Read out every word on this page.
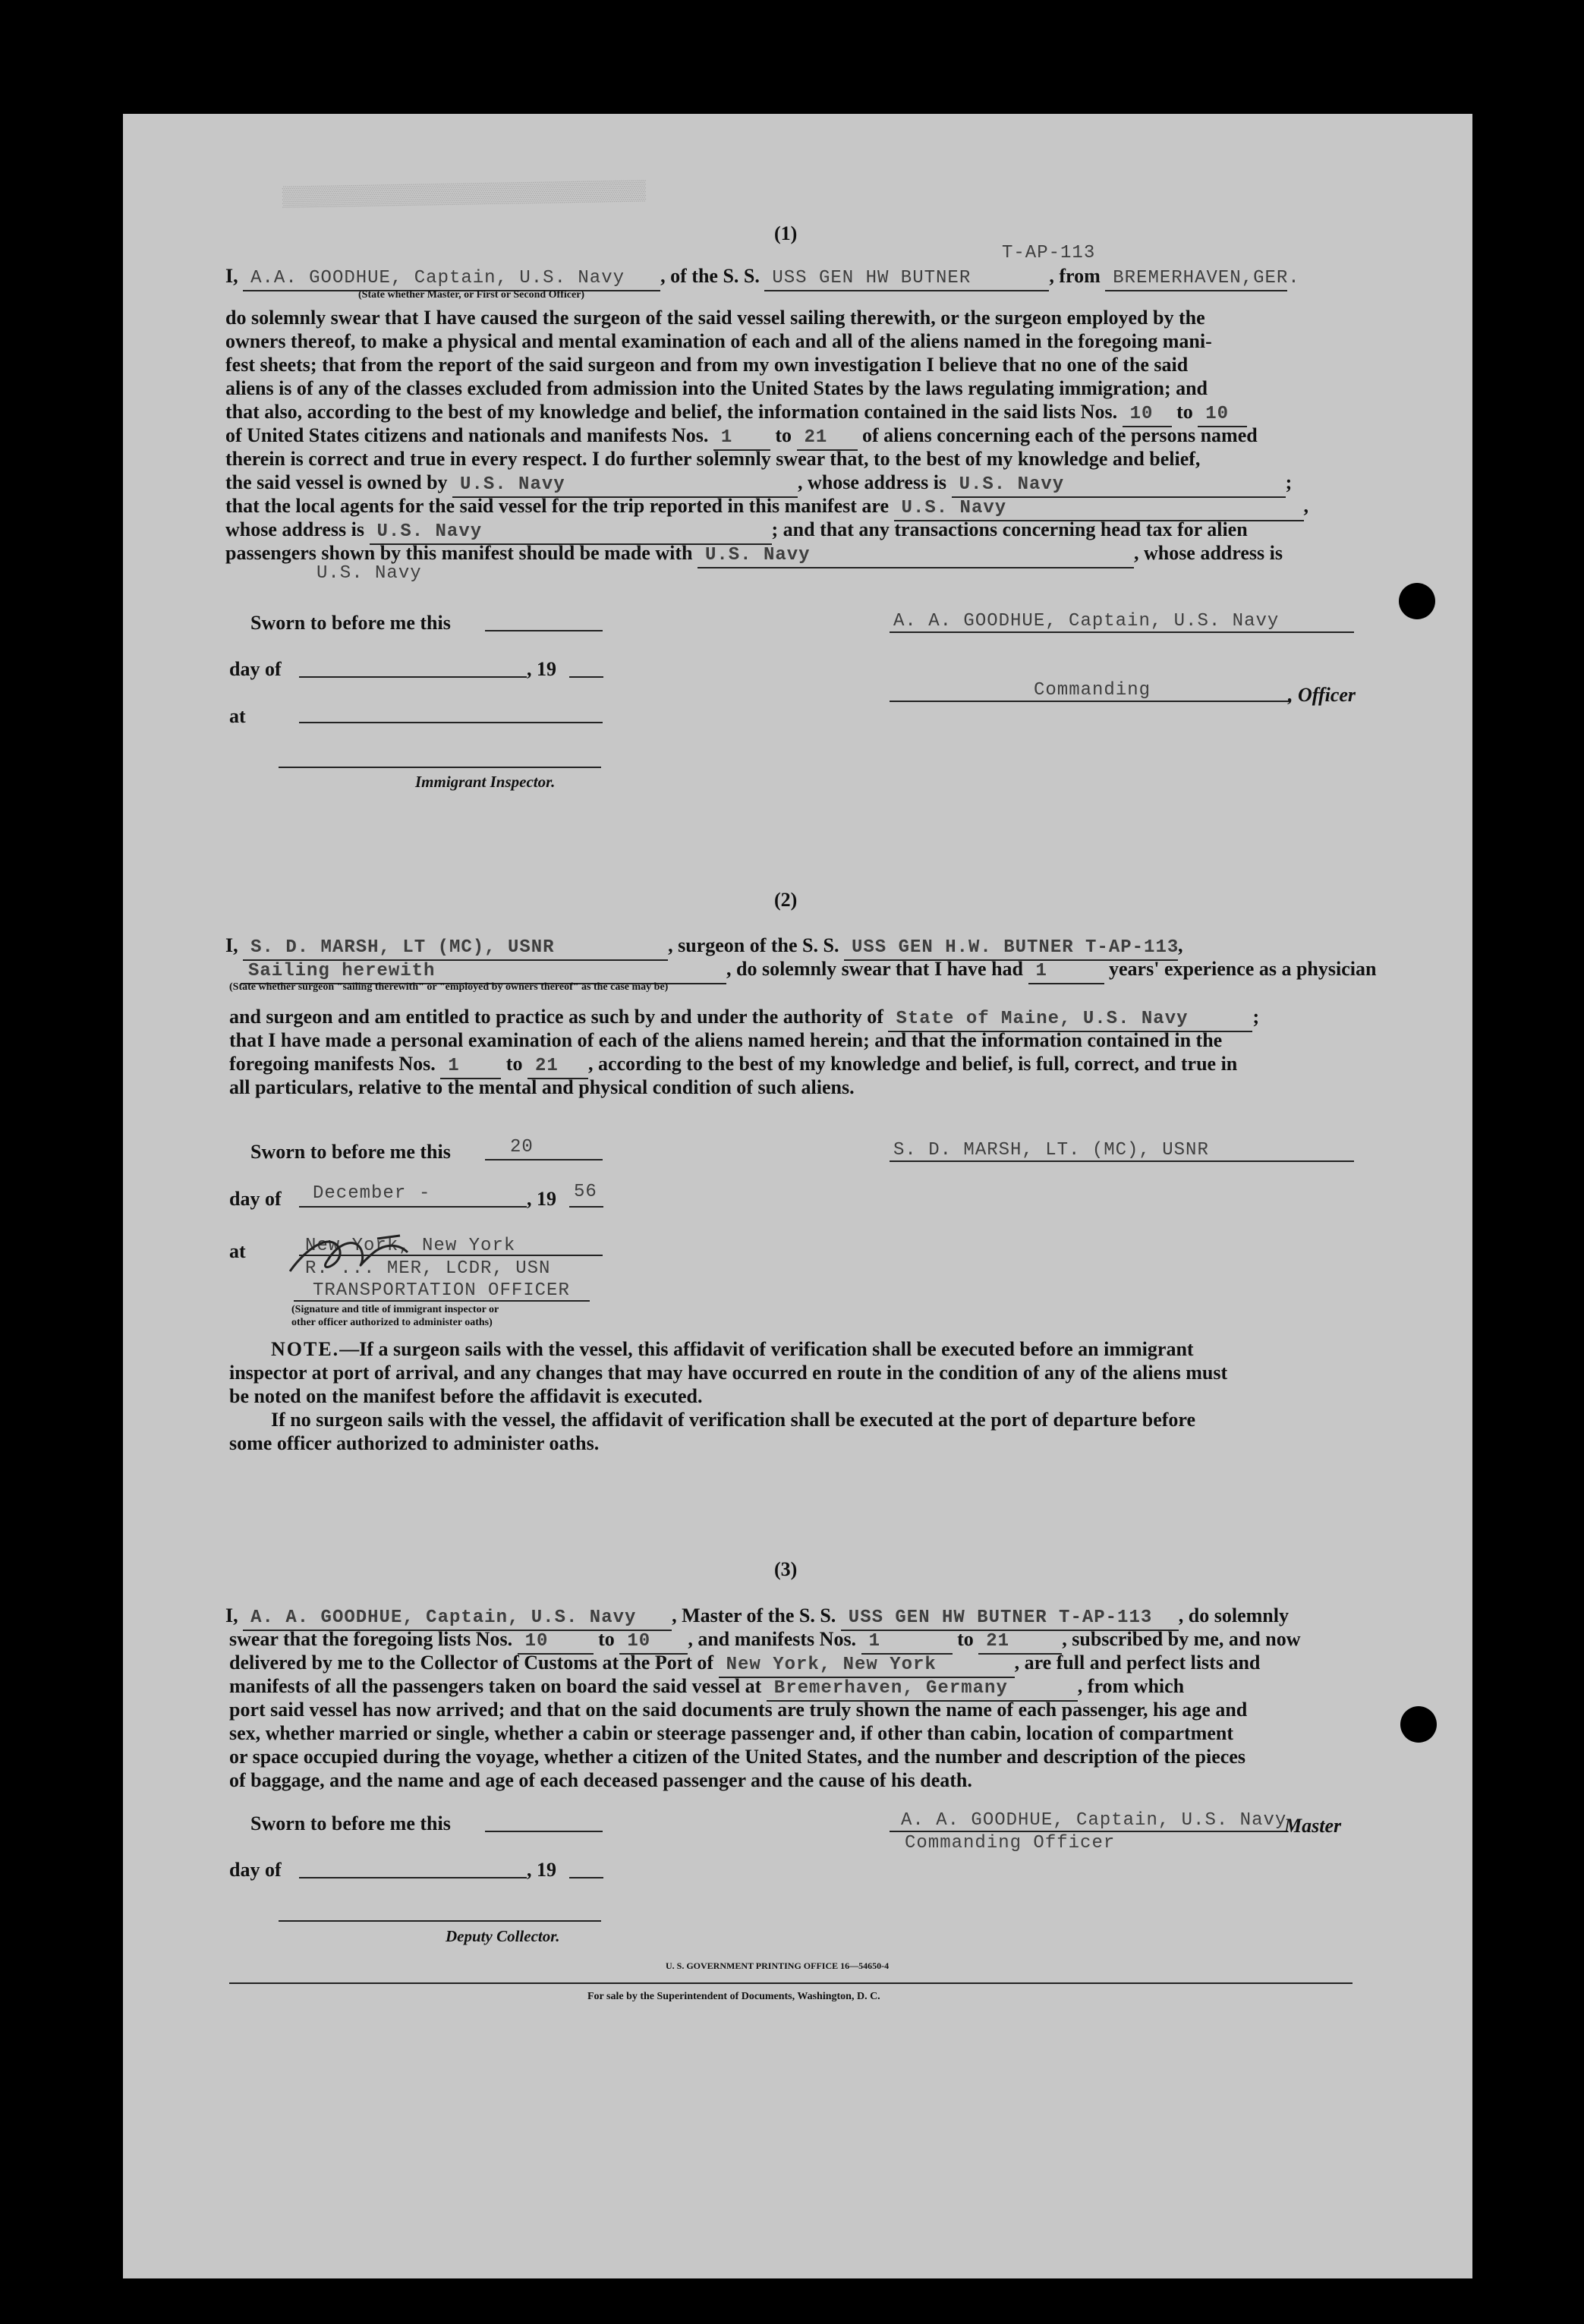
▒▒▒▒▒▒▒▒▒▒▒▒▒▒▒▒▒▒▒▒▒▒▒▒▒▒
(1)
T-AP-113
I, A.A. GOODHUE, Captain, U.S. Navy , of the S. S. USS GEN HW BUTNER	, from BREMERHAVEN,GER.
(State whether Master, or First or Second Officer)
do solemnly swear that I have caused the surgeon of the said vessel sailing therewith, or the surgeon employed by the
owners thereof, to make a physical and mental examination of each and all of the aliens named in the foregoing mani-
fest sheets; that from the report of the said surgeon and from my own investigation I believe that no one of the said
aliens is of any of the classes excluded from admission into the United States by the laws regulating immigration; and
that also, according to the best of my knowledge and belief, the information contained in the said lists Nos. 10 to 10
of United States citizens and nationals and manifests Nos. 1 to 21 of aliens concerning each of the persons named
therein is correct and true in every respect. I do further solemnly swear that, to the best of my knowledge and belief,
the said vessel is owned by U.S. Navy	, whose address is U.S. Navy	;
that the local agents for the said vessel for the trip reported in this manifest are U.S. Navy	,
whose address is U.S. Navy	; and that any transactions concerning head tax for alien
passengers shown by this manifest should be made with U.S. Navy	, whose address is
U.S. Navy
Sworn to before me this
day of	, 19
at
Immigrant Inspector.
A. A. GOODHUE, Captain, U.S. Navy
Commanding	, Officer
(2)
I, S. D. MARSH, LT (MC), USNR	, surgeon of the S. S. USS GEN H.W. BUTNER T-AP-113,
Sailing herewith	, do solemnly swear that I have had 1	years' experience as a physician
(State whether surgeon "sailing therewith" or "employed by owners thereof" as the case may be)
and surgeon and am entitled to practice as such by and under the authority of State of Maine, U.S. Navy	;
that I have made a personal examination of each of the aliens named herein; and that the information contained in the
foregoing manifests Nos. 1 to 21 , according to the best of my knowledge and belief, is full, correct, and true in
all particulars, relative to the mental and physical condition of such aliens.
Sworn to before me this	20
day of December -	, 19 56
at	New York, New York
R. ... MER, LCDR, USN
TRANSPORTATION OFFICER
(Signature and title of immigrant inspector or
other officer authorized to administer oaths)
S. D. MARSH, LT. (MC), USNR
NOTE.—If a surgeon sails with the vessel, this affidavit of verification shall be executed before an immigrant
inspector at port of arrival, and any changes that may have occurred en route in the condition of any of the aliens must
be noted on the manifest before the affidavit is executed.
If no surgeon sails with the vessel, the affidavit of verification shall be executed at the port of departure before
some officer authorized to administer oaths.
(3)
I, A. A. GOODHUE, Captain, U.S. Navy , Master of the S. S. USS GEN HW BUTNER T-AP-113 , do solemnly
swear that the foregoing lists Nos. 10	to 10 , and manifests Nos. 1	to 21	, subscribed by me, and now
delivered by me to the Collector of Customs at the Port of New York, New York	, are full and perfect lists and
manifests of all the passengers taken on board the said vessel at Bremerhaven, Germany	, from which
port said vessel has now arrived; and that on the said documents are truly shown the name of each passenger, his age and
sex, whether married or single, whether a cabin or steerage passenger and, if other than cabin, location of compartment
or space occupied during the voyage, whether a citizen of the United States, and the number and description of the pieces
of baggage, and the name and age of each deceased passenger and the cause of his death.
Sworn to before me this
day of	, 19
Deputy Collector.
A. A. GOODHUE, Captain, U.S. Navy
Master
Commanding Officer
U. S. GOVERNMENT PRINTING OFFICE 16—54650-4
For sale by the Superintendent of Documents, Washington, D. C.
